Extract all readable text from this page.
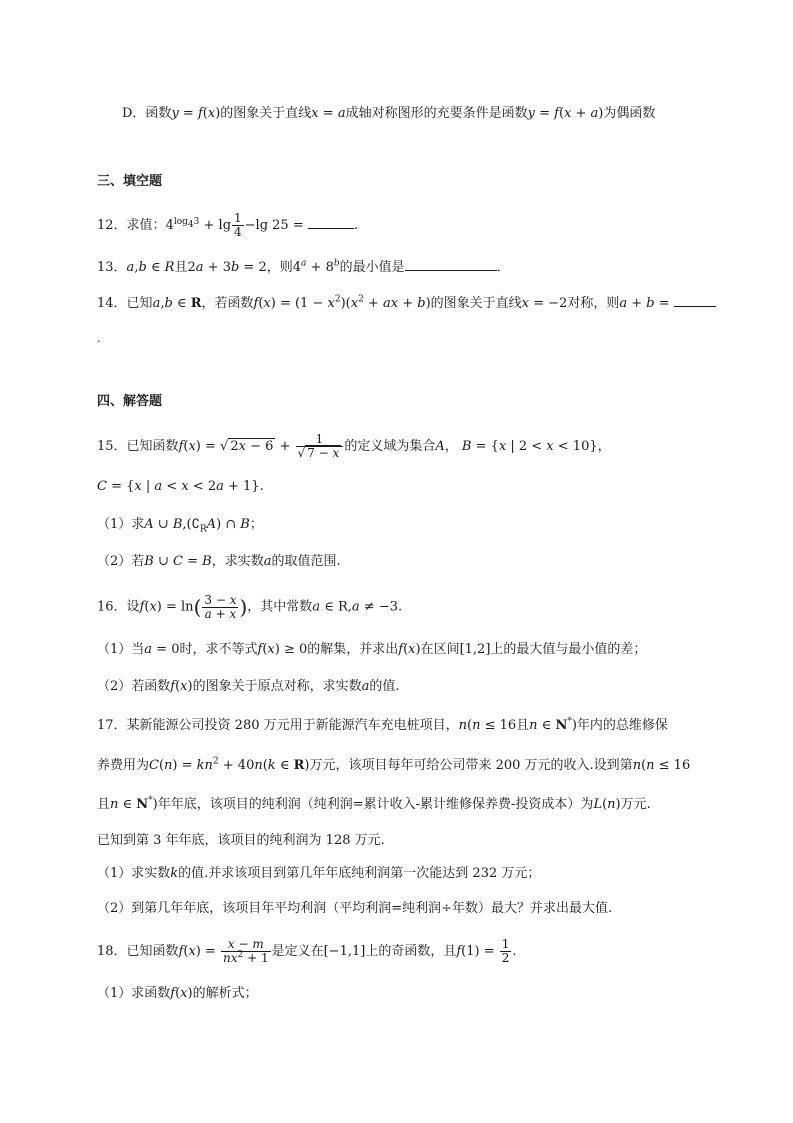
D．函数y = f(x)的图象关于直线x = a成轴对称图形的充要条件是函数y = f(x + a)为偶函数
三、填空题
12．求值：$4^{log_43} + \lg \frac{1}{4} -\lg$ 25 =	.
13．a,b ∈ R且2a + 3b = 2，则$4^a + 8^b$的最小值是	．
14．已知a,b ∈ R，若函数$f(x) = (1 - x^2)(x^2$ + ax + b)的图象关于直线x = −2对称，则a + b =
.
四、解答题
15．已知函数f(x) = √ $2x - 6 + \frac{1}{√ 7 - x}$ 的定义域为集合A， B = {x | 2 < x < 10}，
C = {x | a < x < 2a + 1}.
（1）求A ∪ $B,(∁_RA)$ ∩ B；
（2）若B ∪ C = B，求实数a的取值范围.
16．设$f(x) = \ln( \frac{3 - x}{a + x}$ )，其中常数a ∈ R,a ≠ −3.
（1）当a = 0时，求不等式f(x) ≥ 0的解集，并求出f(x)在区间[1,2]上的最大值与最小值的差；
（2）若函数f(x)的图象关于原点对称，求实数a的值.
17．某新能源公司投资 280 万元用于新能源汽车充电桩项目，n(n ≤ 16且n ∈ N*)年内的总维修保
养费用为$C(n) = kn^2 + 40n(k$ ∈ R)万元，该项目每年可给公司带来 200 万元的收入.设到第n(n ≤ 16
且n ∈ N*)年年底，该项目的纯利润（纯利润=累计收入-累计维修保养费-投资成本）为L(n)万元.
已知到第 3 年年底，该项目的纯利润为 128 万元.
（1）求实数k的值.并求该项目到第几年年底纯利润第一次能达到 232 万元；
（2）到第几年年底，该项目年平均利润（平均利润=纯利润÷年数）最大？并求出最大值.
18．已知函数$f(x) = \frac{x - m}{nx^2 + 1}$ 是定义在[−1,1]上的奇函数，且$f(1) = \frac{1}{2}$ .
（1）求函数f(x)的解析式；
